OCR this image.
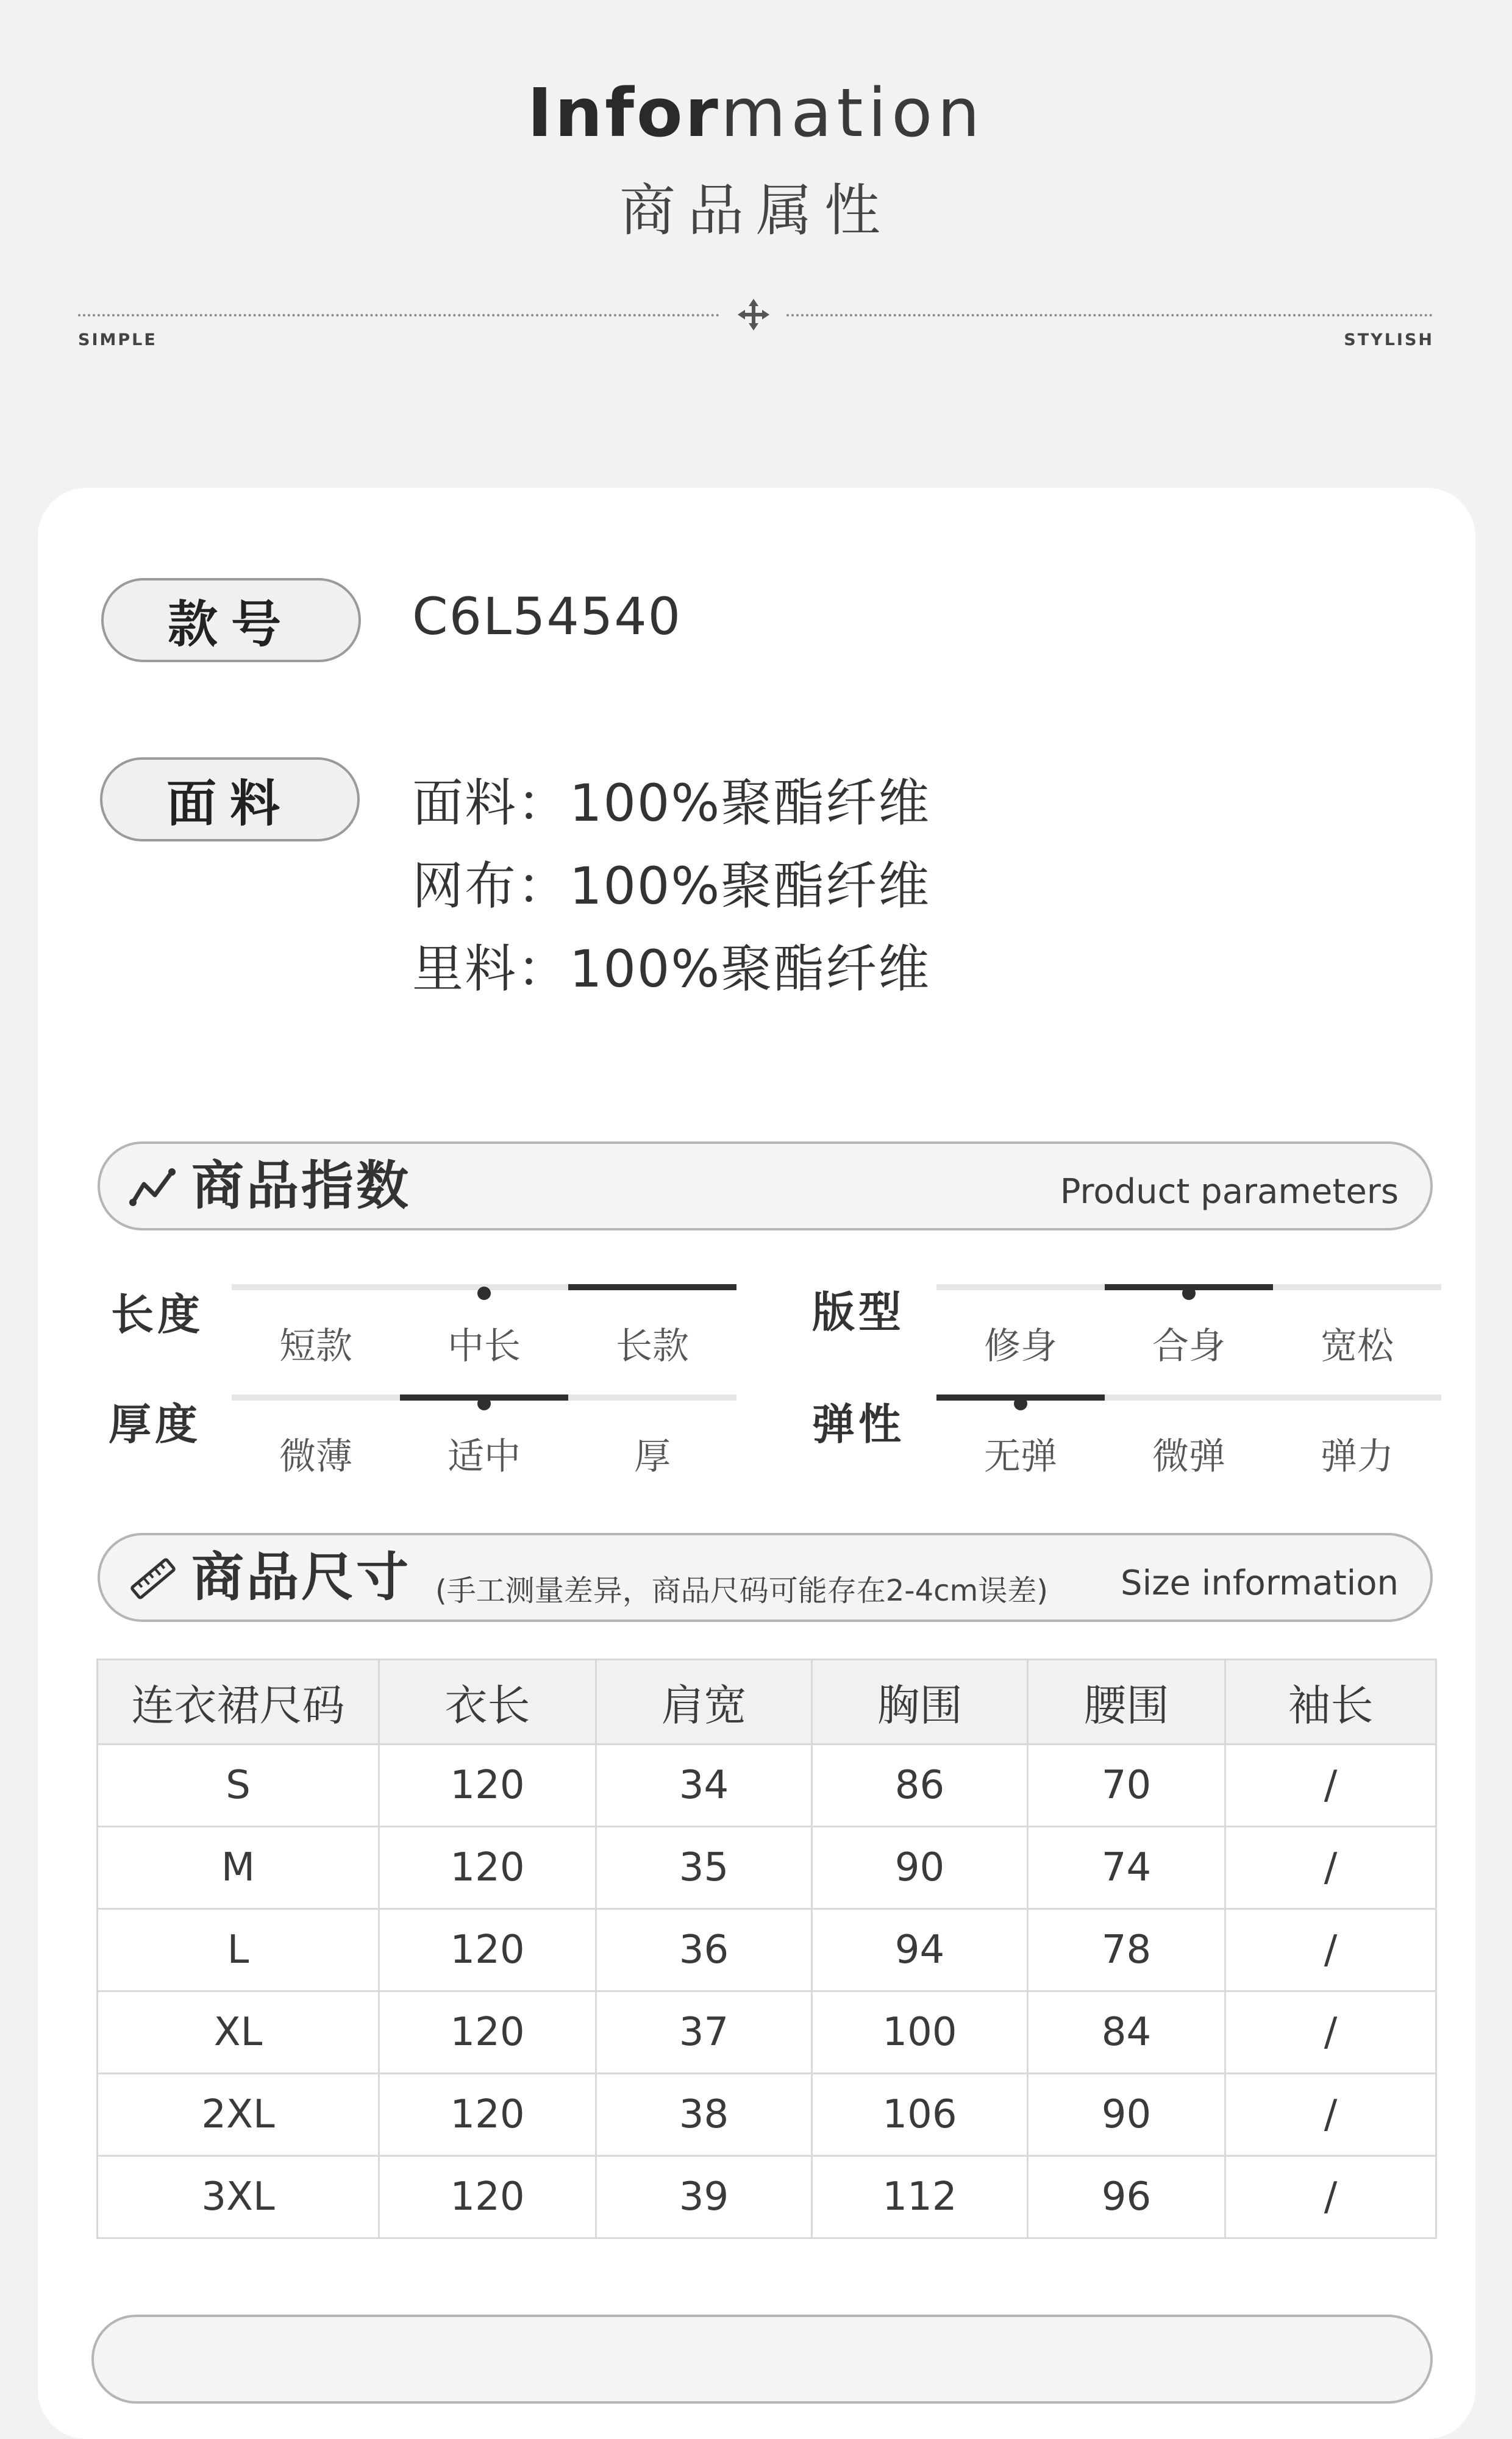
Information
商品属性
SIMPLE	STYLISH
款号	C6L54540
面料	面料：100%聚酯纤维
网布：100%聚酯纤维
里料：100%聚酯纤维
商品指数	Product parameters
长度
短款	中长	长款
版型
修身	合身	宽松
厚度
微薄	适中	厚
弹性
无弹	微弹	弹力
商品尺寸 (手工测量差异，商品尺码可能存在2-4cm误差) Size information
连衣裙尺码	衣长	肩宽	胸围	腰围	袖长
S	120	34	86	70	/
M	120	35	90	74	/
L	120	36	94	78	/
XL	120	37	100	84	/
2XL	120	38	106	90	/
3XL	120	39	112	96	/
